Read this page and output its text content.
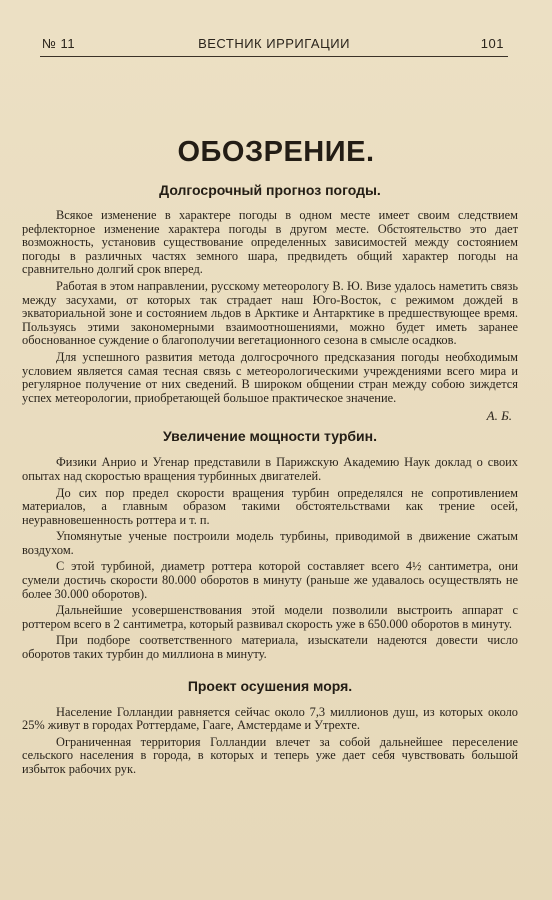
№ 11	ВЕСТНИК ИРРИГАЦИИ	101
ОБОЗРЕНИЕ.
Долгосрочный прогноз погоды.

Всякое изменение в характере погоды в одном месте имеет своим следствием рефлекторное изменение характера погоды в другом месте. Обстоятельство это дает возможность, установив существование определенных зависимостей между состоянием погоды в различных частях земного шара, предвидеть общий характер погоды на сравнительно долгий срок вперед.

Работая в этом направлении, русскому метеорологу В. Ю. Визе удалось наметить связь между засухами, от которых так страдает наш Юго-Восток, с режимом дождей в экваториальной зоне и состоянием льдов в Арктике и Антарктике в предшествующее время. Пользуясь этими закономерными взаимоотношениями, можно будет иметь заранее обоснованное суждение о благополучии вегетационного сезона в смысле осадков.

Для успешного развития метода долгосрочного предсказания погоды необходимым условием является самая тесная связь с метеорологическими учреждениями всего мира и регулярное получение от них сведений. В широком общении стран между собою зиждется успех метеорологии, приобретающей большое практическое значение.

А. Б.
Увеличение мощности турбин.

Физики Анрио и Угенар представили в Парижскую Академию Наук доклад о своих опытах над скоростью вращения турбинных двигателей.

До сих пор предел скорости вращения турбин определялся не сопротивлением материалов, а главным образом такими обстоятельствами как трение осей, неуравновешенность роттера и т. п.

Упомянутые ученые построили модель турбины, приводимой в движение сжатым воздухом.

С этой турбиной, диаметр роттера которой составляет всего 4½ сантиметра, они сумели достичь скорости 80.000 оборотов в минуту (раньше же удавалось осуществлять не более 30.000 оборотов).

Дальнейшие усовершенствования этой модели позволили выстроить аппарат с роттером всего в 2 сантиметра, который развивал скорость уже в 650.000 оборотов в минуту.

При подборе соответственного материала, изыскатели надеются довести число оборотов таких турбин до миллиона в минуту.

Проект осушения моря.

Население Голландии равняется сейчас около 7,3 миллионов душ, из которых около 25% живут в городах Роттердаме, Гааге, Амстердаме и Утрехте.

Ограниченная территория Голландии влечет за собой дальнейшее переселение сельского населения в города, в которых и теперь уже дает себя чувствовать большой избыток рабочих рук.
